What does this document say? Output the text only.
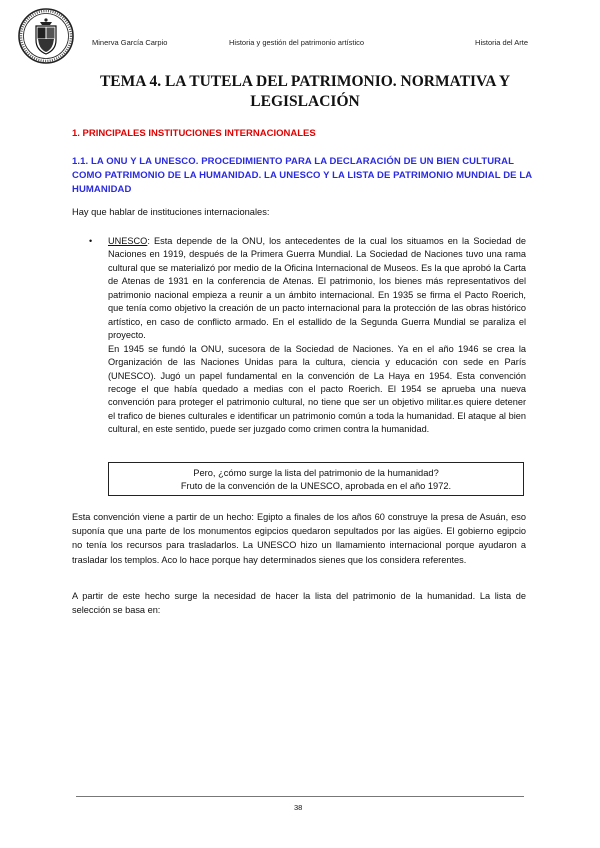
Minerva García Carpio	Historia y gestión del patrimonio artístico	Historia del Arte
TEMA 4. LA TUTELA DEL PATRIMONIO. NORMATIVA Y LEGISLACIÓN
1. PRINCIPALES INSTITUCIONES INTERNACIONALES
1.1. LA ONU Y LA UNESCO. PROCEDIMIENTO PARA LA DECLARACIÓN DE UN BIEN CULTURAL COMO PATRIMONIO DE LA HUMANIDAD. LA UNESCO Y LA LISTA DE PATRIMONIO MUNDIAL DE LA HUMANIDAD

Hay que hablar de instituciones internacionales:

• UNESCO: Esta depende de la ONU, los antecedentes de la cual los situamos en la Sociedad de Naciones en 1919, después de la Primera Guerra Mundial. La Sociedad de Naciones tuvo una rama cultural que se materializó por medio de la Oficina Internacional de Museos. Es la que aprobó la Carta de Atenas de 1931 en la conferencia de Atenas. El patrimonio, los bienes más representativos del patrimonio nacional empieza a reunir a un ámbito internacional. En 1935 se firma el Pacto Roerich, que tenía como objetivo la creación de un pacto internacional para la protección de las obras histórico artístico, en caso de conflicto armado. En el estallido de la Segunda Guerra Mundial se paraliza el proyecto.

En 1945 se fundó la ONU, sucesora de la Sociedad de Naciones. Ya en el año 1946 se crea la Organización de las Naciones Unidas para la cultura, ciencia y educación con sede en París (UNESCO). Jugó un papel fundamental en la convención de La Haya en 1954. Esta convención recoge el que había quedado a medias con el pacto Roerich. El 1954 se aprueba una nueva convención para proteger el patrimonio cultural, no tiene que ser un objetivo militar.es quiere detener el trafico de bienes culturales e identificar un patrimonio común a toda la humanidad. El ataque al bien cultural, en este sentido, puede ser juzgado como crimen contra la humanidad.

Pero, ¿cómo surge la lista del patrimonio de la humanidad?
Fruto de la convención de la UNESCO, aprobada en el año 1972.

Esta convención viene a partir de un hecho: Egipto a finales de los años 60 construye la presa de Asuán, eso suponía que una parte de los monumentos egipcios quedaron sepultados por las aigües. El gobierno egipcio no tenía los recursos para trasladarlos. La UNESCO hizo un llamamiento internacional porque ayudaron a trasladar los templos. Aco lo hace porque hay determinados sienes que los considera referentes.

A partir de este hecho surge la necesidad de hacer la lista del patrimonio de la humanidad. La lista de selección se basa en:

38
